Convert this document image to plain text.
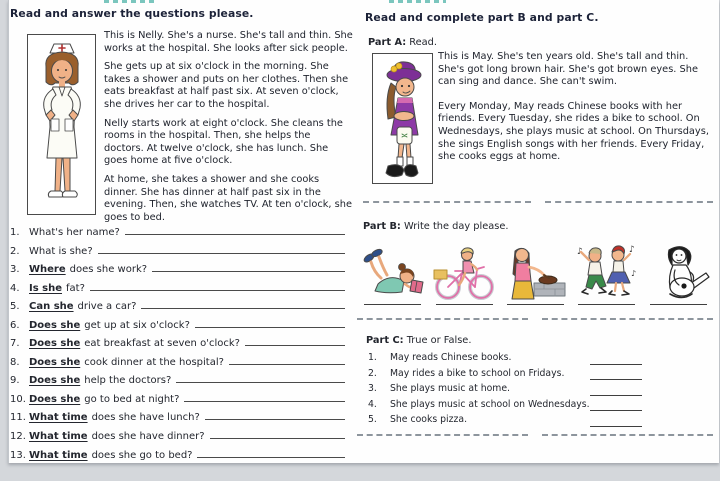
Read and answer the questions please.

This is Nelly. She's a nurse. She's tall and thin. She works at the hospital. She looks after sick people.

She gets up at six o'clock in the morning. She takes a shower and puts on her clothes. Then she eats breakfast at half past six. At seven o'clock, she drives her car to the hospital.

Nelly starts work at eight o'clock. She cleans the rooms in the hospital. Then, she helps the doctors. At twelve o'clock, she has lunch. She goes home at five o'clock.

At home, she takes a shower and she cooks dinner. She has dinner at half past six in the evening. Then, she watches TV. At ten o'clock, she goes to bed.

1. What's her name?
2. What is she?
3. Where does she work?
4. Is she fat?
5. Can she drive a car?
6. Does she get up at six o'clock?
7. Does she eat breakfast at seven o'clock?
8. Does she cook dinner at the hospital?
9. Does she help the doctors?
10. Does she go to bed at night?
11. What time does she have lunch?
12. What time does she have dinner?
13. What time does she go to bed?
Read and complete part B and part C.
Part A: Read.

This is May. She's ten years old. She's tall and thin. She's got long brown hair. She's got brown eyes. She can sing and dance. She can't swim.

Every Monday, May reads Chinese books with her friends. Every Tuesday, she rides a bike to school. On Wednesdays, she plays music at school. On Thursdays, she sings English songs with her friends. Every Friday, she cooks eggs at home.

Part B: Write the day please.
♪	♪
♪
Part C: True or False.
1.	May reads Chinese books.
2.	May rides a bike to school on Fridays.
3.	She plays music at home.
4.	She plays music at school on Wednesdays.
5.	She cooks pizza.
